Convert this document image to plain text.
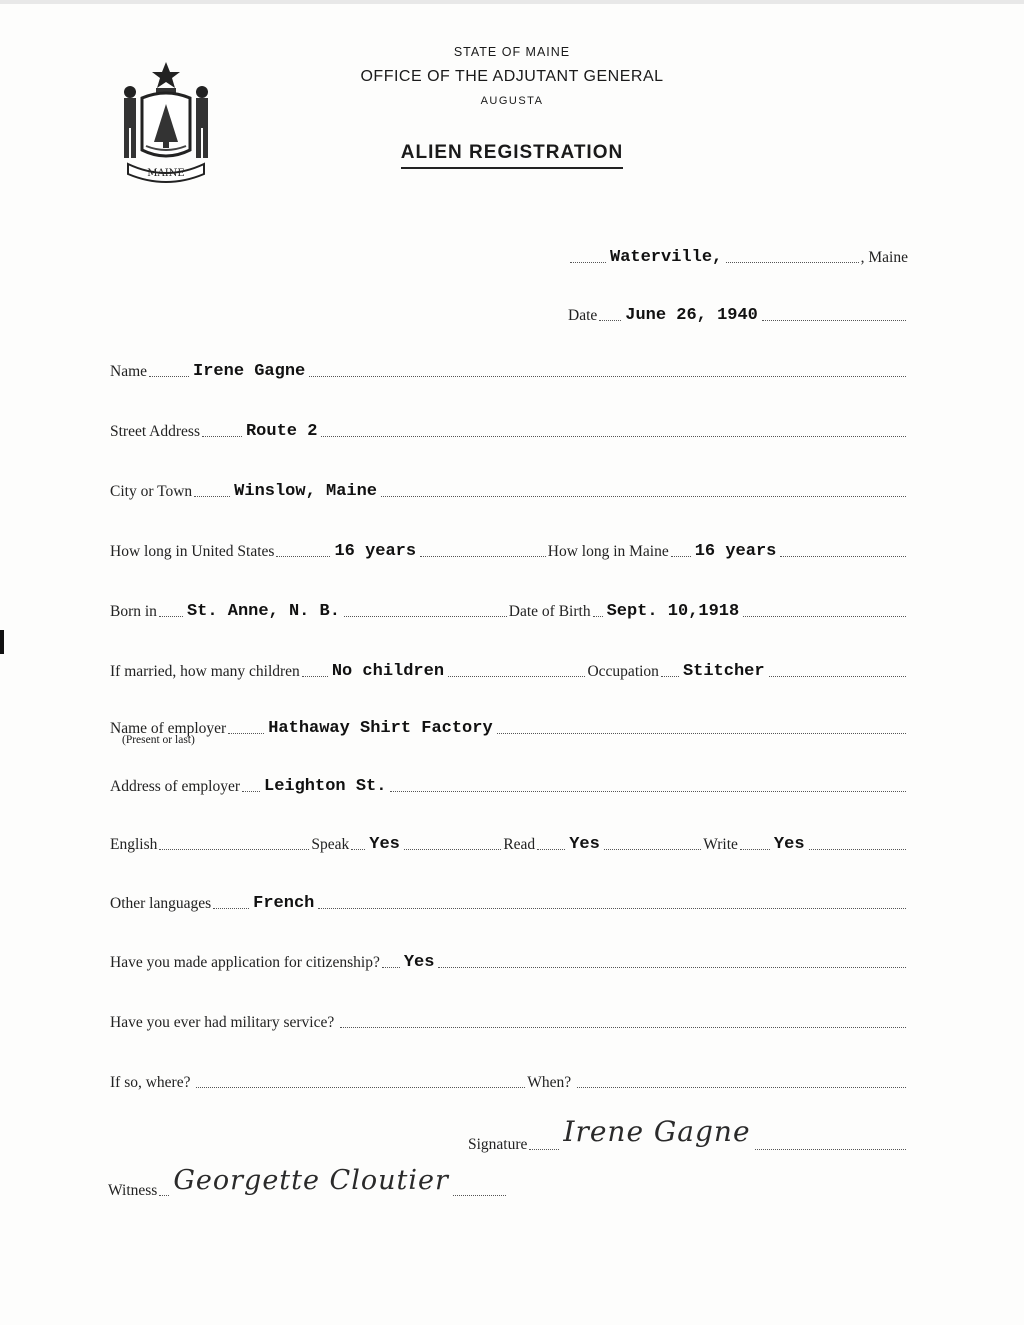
MAINE
STATE OF MAINE
OFFICE OF THE ADJUTANT GENERAL
AUGUSTA
ALIEN REGISTRATION
Waterville,	, Maine
Date June 26, 1940
Name	Irene Gagne
Street Address	Route 2
City or Town Winslow, Maine
How long in United States	16 years	How long in Maine 16 years
Born in St. Anne, N. B.	Date of Birth Sept. 10,1918
If married, how many children No children	Occupation Stitcher
Name of employer Hathaway Shirt Factory
(Present or last)
Address of employer Leighton St.
English	Speak Yes	Read Yes	Write Yes
Other languages French
Have you made application for citizenship? Yes
Have you ever had military service?
If so, where?	When?
Signature Irene Gagne
Witness Georgette Cloutier
